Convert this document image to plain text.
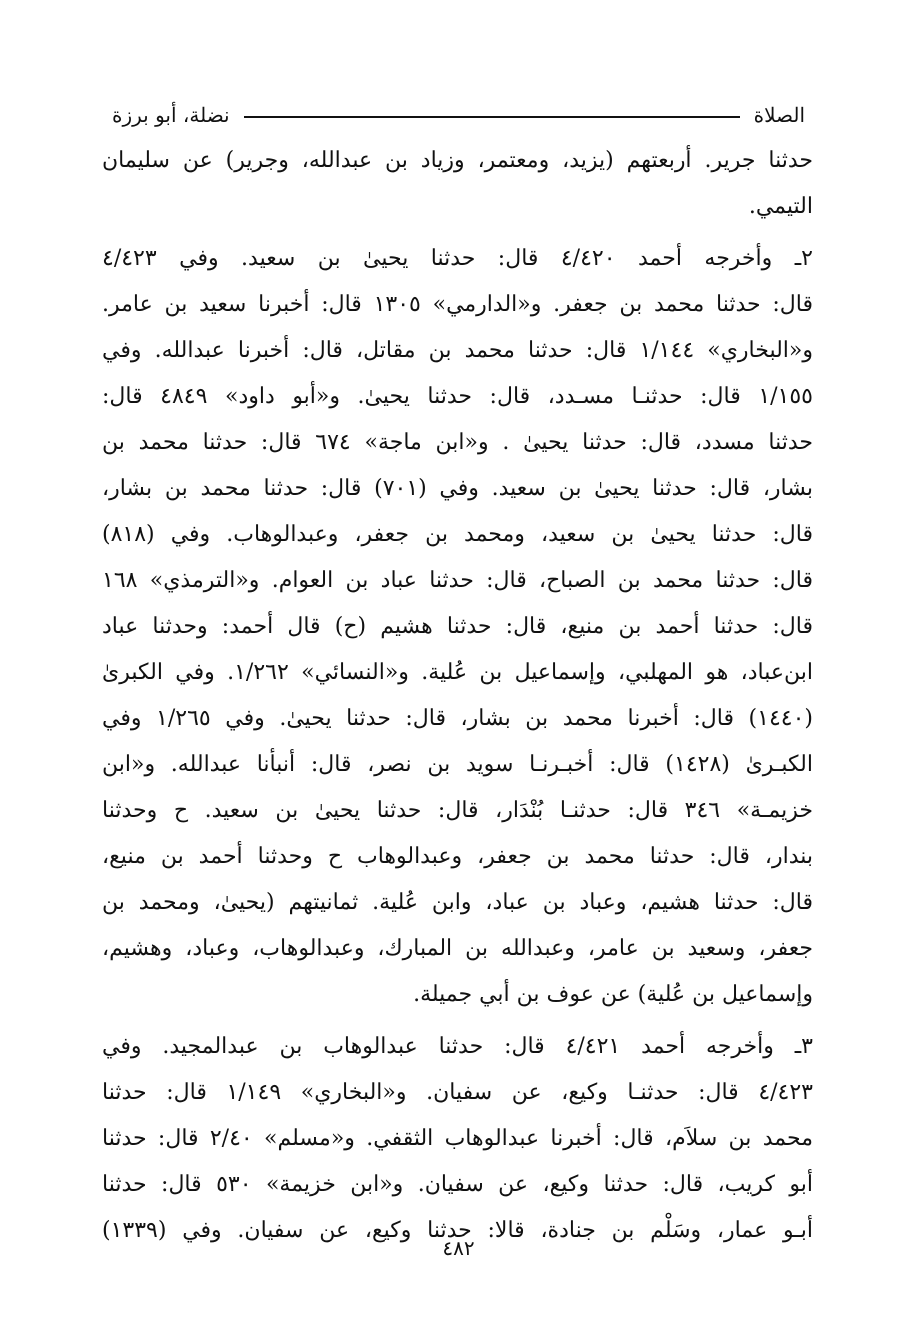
الصلاة
نضلة، أبو برزة
حدثنا جرير. أربعتهم (يزيد، ومعتمر، وزياد بن عبدالله، وجرير) عن سليمان
التيمي.
٢ـ وأخرجه أحمد ٤/٤٢٠ قال: حدثنا يحيىٰ بن سعيد. وفي ٤/٤٢٣
قال: حدثنا محمد بن جعفر. و«الدارمي» ١٣٠٥ قال: أخبرنا سعيد بن عامر.
و«البخاري» ١/١٤٤ قال: حدثنا محمد بن مقاتل، قال: أخبرنا عبدالله. وفي
١/١٥٥ قال: حدثنـا مسـدد، قال: حدثنا يحيىٰ. و«أبو داود» ٤٨٤٩ قال:
حدثنا مسدد، قال: حدثنا يحيىٰ . و«ابن ماجة» ٦٧٤ قال: حدثنا محمد بن
بشار، قال: حدثنا يحيىٰ بن سعيد. وفي (٧٠١) قال: حدثنا محمد بن بشار،
قال: حدثنا يحيىٰ بن سعيد، ومحمد بن جعفر، وعبدالوهاب. وفي (٨١٨)
قال: حدثنا محمد بن الصباح، قال: حدثنا عباد بن العوام. و«الترمذي» ١٦٨
قال: حدثنا أحمد بن منيع، قال: حدثنا هشيم (ح) قال أحمد: وحدثنا عباد
ابن‌عباد، هو المهلبي، وإسماعيل بن عُلية. و«النسائي» ١/٢٦٢. وفي الكبرىٰ
(١٤٤٠) قال: أخبرنا محمد بن بشار، قال: حدثنا يحيىٰ. وفي ١/٢٦٥ وفي
الكبـرىٰ (١٤٢٨) قال: أخبـرنـا سويد بن نصر، قال: أنبأنا عبدالله. و«ابن
خزيمـة» ٣٤٦ قال: حدثنـا بُنْدَار، قال: حدثنا يحيىٰ بن سعيد. ح وحدثنا
بندار، قال: حدثنا محمد بن جعفر، وعبدالوهاب ح وحدثنا أحمد بن منيع،
قال: حدثنا هشيم، وعباد بن عباد، وابن عُلية. ثمانيتهم (يحيىٰ، ومحمد بن
جعفر، وسعيد بن عامر، وعبدالله بن المبارك، وعبدالوهاب، وعباد، وهشيم،
وإسماعيل بن عُلية) عن عوف بن أبي جميلة.
٣ـ وأخرجه أحمد ٤/٤٢١ قال: حدثنا عبدالوهاب بن عبدالمجيد. وفي
٤/٤٢٣ قال: حدثنـا وكيع، عن سفيان. و«البخاري» ١/١٤٩ قال: حدثنا
محمد بن سلاَم، قال: أخبرنا عبدالوهاب الثقفي. و«مسلم» ٢/٤٠ قال: حدثنا
أبو كريب، قال: حدثنا وكيع، عن سفيان. و«ابن خزيمة» ٥٣٠ قال: حدثنا
أبـو عمار، وسَلْم بن جنادة، قالا: حدثنا وكيع، عن سفيان. وفي (١٣٣٩)
٤٨٢
